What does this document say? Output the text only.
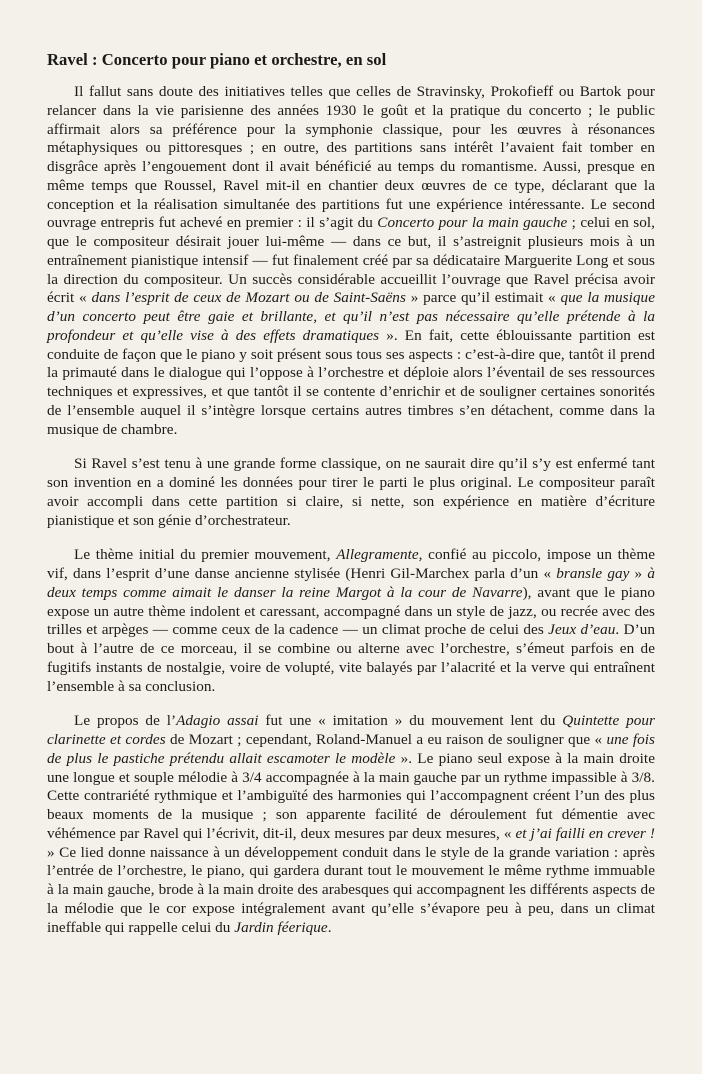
Ravel : Concerto pour piano et orchestre, en sol

Il fallut sans doute des initiatives telles que celles de Stravinsky, Prokofieff ou Bartok pour relancer dans la vie parisienne des années 1930 le goût et la pratique du concerto ; le public affirmait alors sa préférence pour la symphonie classique, pour les œuvres à résonances métaphysiques ou pittoresques ; en outre, des partitions sans intérêt l’avaient fait tomber en disgrâce après l’engouement dont il avait bénéficié au temps du romantisme. Aussi, presque en même temps que Roussel, Ravel mit-il en chantier deux œuvres de ce type, déclarant que la conception et la réalisation simultanée des partitions fut une expérience intéressante. Le second ouvrage entrepris fut achevé en premier : il s’agit du Concerto pour la main gauche ; celui en sol, que le compositeur désirait jouer lui-même — dans ce but, il s’astreignit plusieurs mois à un entraînement pianistique intensif — fut finalement créé par sa dédicataire Marguerite Long et sous la direction du compositeur. Un succès considérable accueillit l’ouvrage que Ravel précisa avoir écrit « dans l’esprit de ceux de Mozart ou de Saint-Saëns » parce qu’il estimait « que la musique d’un concerto peut être gaie et brillante, et qu’il n’est pas nécessaire qu’elle prétende à la profondeur et qu’elle vise à des effets dramatiques ». En fait, cette éblouissante partition est conduite de façon que le piano y soit présent sous tous ses aspects : c’est-à-dire que, tantôt il prend la primauté dans le dialogue qui l’oppose à l’orchestre et déploie alors l’éventail de ses ressources techniques et expressives, et que tantôt il se contente d’enrichir et de souligner certaines sonorités de l’ensemble auquel il s’intègre lorsque certains autres timbres s’en détachent, comme dans la musique de chambre.

Si Ravel s’est tenu à une grande forme classique, on ne saurait dire qu’il s’y est enfermé tant son invention en a dominé les données pour tirer le parti le plus original. Le compositeur paraît avoir accompli dans cette partition si claire, si nette, son expérience en matière d’écriture pianistique et son génie d’orchestrateur.

Le thème initial du premier mouvement, Allegramente, confié au piccolo, impose un thème vif, dans l’esprit d’une danse ancienne stylisée (Henri Gil-Marchex parla d’un « bransle gay » à deux temps comme aimait le danser la reine Margot à la cour de Navarre), avant que le piano expose un autre thème indolent et caressant, accompagné dans un style de jazz, ou recrée avec des trilles et arpèges — comme ceux de la cadence — un climat proche de celui des Jeux d’eau. D’un bout à l’autre de ce morceau, il se combine ou alterne avec l’orchestre, s’émeut parfois en de fugitifs instants de nostalgie, voire de volupté, vite balayés par l’alacrité et la verve qui entraînent l’ensemble à sa conclusion.

Le propos de l’Adagio assai fut une « imitation » du mouvement lent du Quintette pour clarinette et cordes de Mozart ; cependant, Roland-Manuel a eu raison de souligner que « une fois de plus le pastiche prétendu allait escamoter le modèle ». Le piano seul expose à la main droite une longue et souple mélodie à 3/4 accompagnée à la main gauche par un rythme impassible à 3/8. Cette contrariété rythmique et l’ambiguïté des harmonies qui l’accompagnent créent l’un des plus beaux moments de la musique ; son apparente facilité de déroulement fut démentie avec véhémence par Ravel qui l’écrivit, dit-il, deux mesures par deux mesures, « et j’ai failli en crever ! » Ce lied donne naissance à un développement conduit dans le style de la grande variation : après l’entrée de l’orchestre, le piano, qui gardera durant tout le mouvement le même rythme immuable à la main gauche, brode à la main droite des arabesques qui accompagnent les différents aspects de la mélodie que le cor expose intégralement avant qu’elle s’évapore peu à peu, dans un climat ineffable qui rappelle celui du Jardin féerique.
